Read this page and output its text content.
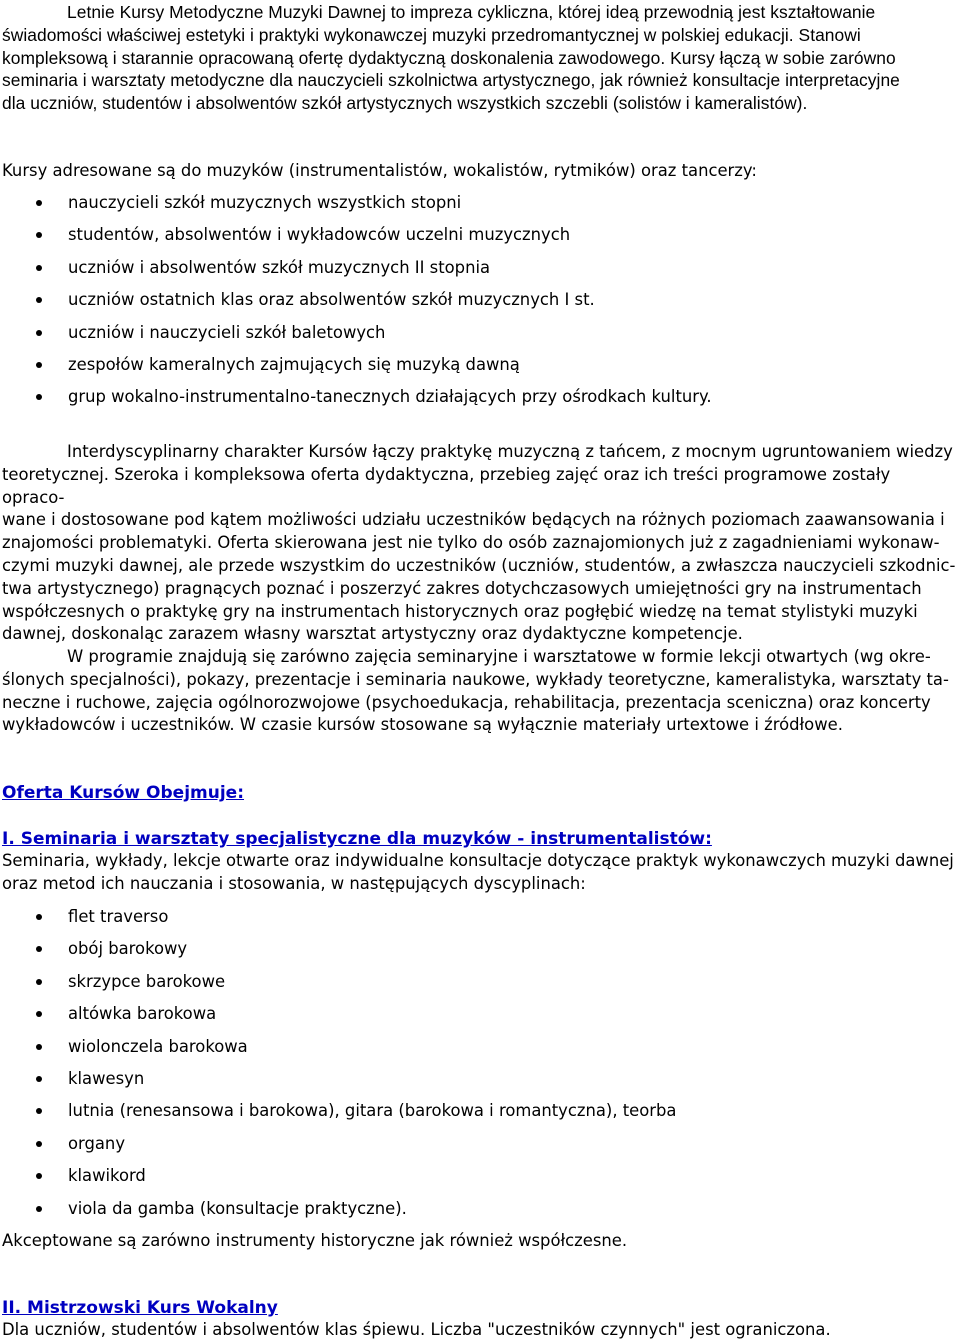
Letnie Kursy Metodyczne Muzyki Dawnej to impreza cykliczna, której ideą przewodnią jest kształtowanie
świadomości właściwej estetyki i praktyki wykonawczej muzyki przedromantycznej w polskiej edukacji. Stanowi
kompleksową i starannie opracowaną ofertę dydaktyczną doskonalenia zawodowego. Kursy łączą w sobie zarówno
seminaria i warsztaty metodyczne dla nauczycieli szkolnictwa artystycznego, jak również konsultacje interpretacyjne
dla uczniów, studentów i absolwentów szkół artystycznych wszystkich szczebli (solistów i kameralistów).

Kursy adresowane są do muzyków (instrumentalistów, wokalistów, rytmików) oraz tancerzy:

nauczycieli szkół muzycznych wszystkich stopni
studentów, absolwentów i wykładowców uczelni muzycznych
uczniów i absolwentów szkół muzycznych II stopnia
uczniów ostatnich klas oraz absolwentów szkół muzycznych I st.
uczniów i nauczycieli szkół baletowych
zespołów kameralnych zajmujących się muzyką dawną
grup wokalno-instrumentalno-tanecznych działających przy ośrodkach kultury.
Interdyscyplinarny charakter Kursów łączy praktykę muzyczną z tańcem, z mocnym ugruntowaniem wiedzy
teoretycznej. Szeroka i kompleksowa oferta dydaktyczna, przebieg zajęć oraz ich treści programowe zostały opraco-
wane i dostosowane pod kątem możliwości udziału uczestników będących na różnych poziomach zaawansowania i
znajomości problematyki. Oferta skierowana jest nie tylko do osób zaznajomionych już z zagadnieniami wykonaw-
czymi muzyki dawnej, ale przede wszystkim do uczestników (uczniów, studentów, a zwłaszcza nauczycieli szkodnic-
twa artystycznego) pragnących poznać i poszerzyć zakres dotychczasowych umiejętności gry na instrumentach
współczesnych o praktykę gry na instrumentach historycznych oraz pogłębić wiedzę na temat stylistyki muzyki
dawnej, doskonaląc zarazem własny warsztat artystyczny oraz dydaktyczne kompetencje.
W programie znajdują się zarówno zajęcia seminaryjne i warsztatowe w formie lekcji otwartych (wg okre-
ślonych specjalności), pokazy, prezentacje i seminaria naukowe, wykłady teoretyczne, kameralistyka, warsztaty ta-
neczne i ruchowe, zajęcia ogólnorozwojowe (psychoedukacja, rehabilitacja, prezentacja sceniczna) oraz koncerty
wykładowców i uczestników. W czasie kursów stosowane są wyłącznie materiały urtextowe i źródłowe.

Oferta Kursów Obejmuje:

I. Seminaria i warsztaty specjalistyczne dla muzyków - instrumentalistów:

Seminaria, wykłady, lekcje otwarte oraz indywidualne konsultacje dotyczące praktyk wykonawczych muzyki dawnej
oraz metod ich nauczania i stosowania, w następujących dyscyplinach:
flet traverso
obój barokowy
skrzypce barokowe
altówka barokowa
wiolonczela barokowa
klawesyn
lutnia (renesansowa i barokowa), gitara (barokowa i romantyczna), teorba
organy
klawikord
viola da gamba (konsultacje praktyczne).

Akceptowane są zarówno instrumenty historyczne jak również współczesne.

II. Mistrzowski Kurs Wokalny

Dla uczniów, studentów i absolwentów klas śpiewu. Liczba "uczestników czynnych" jest ograniczona.
